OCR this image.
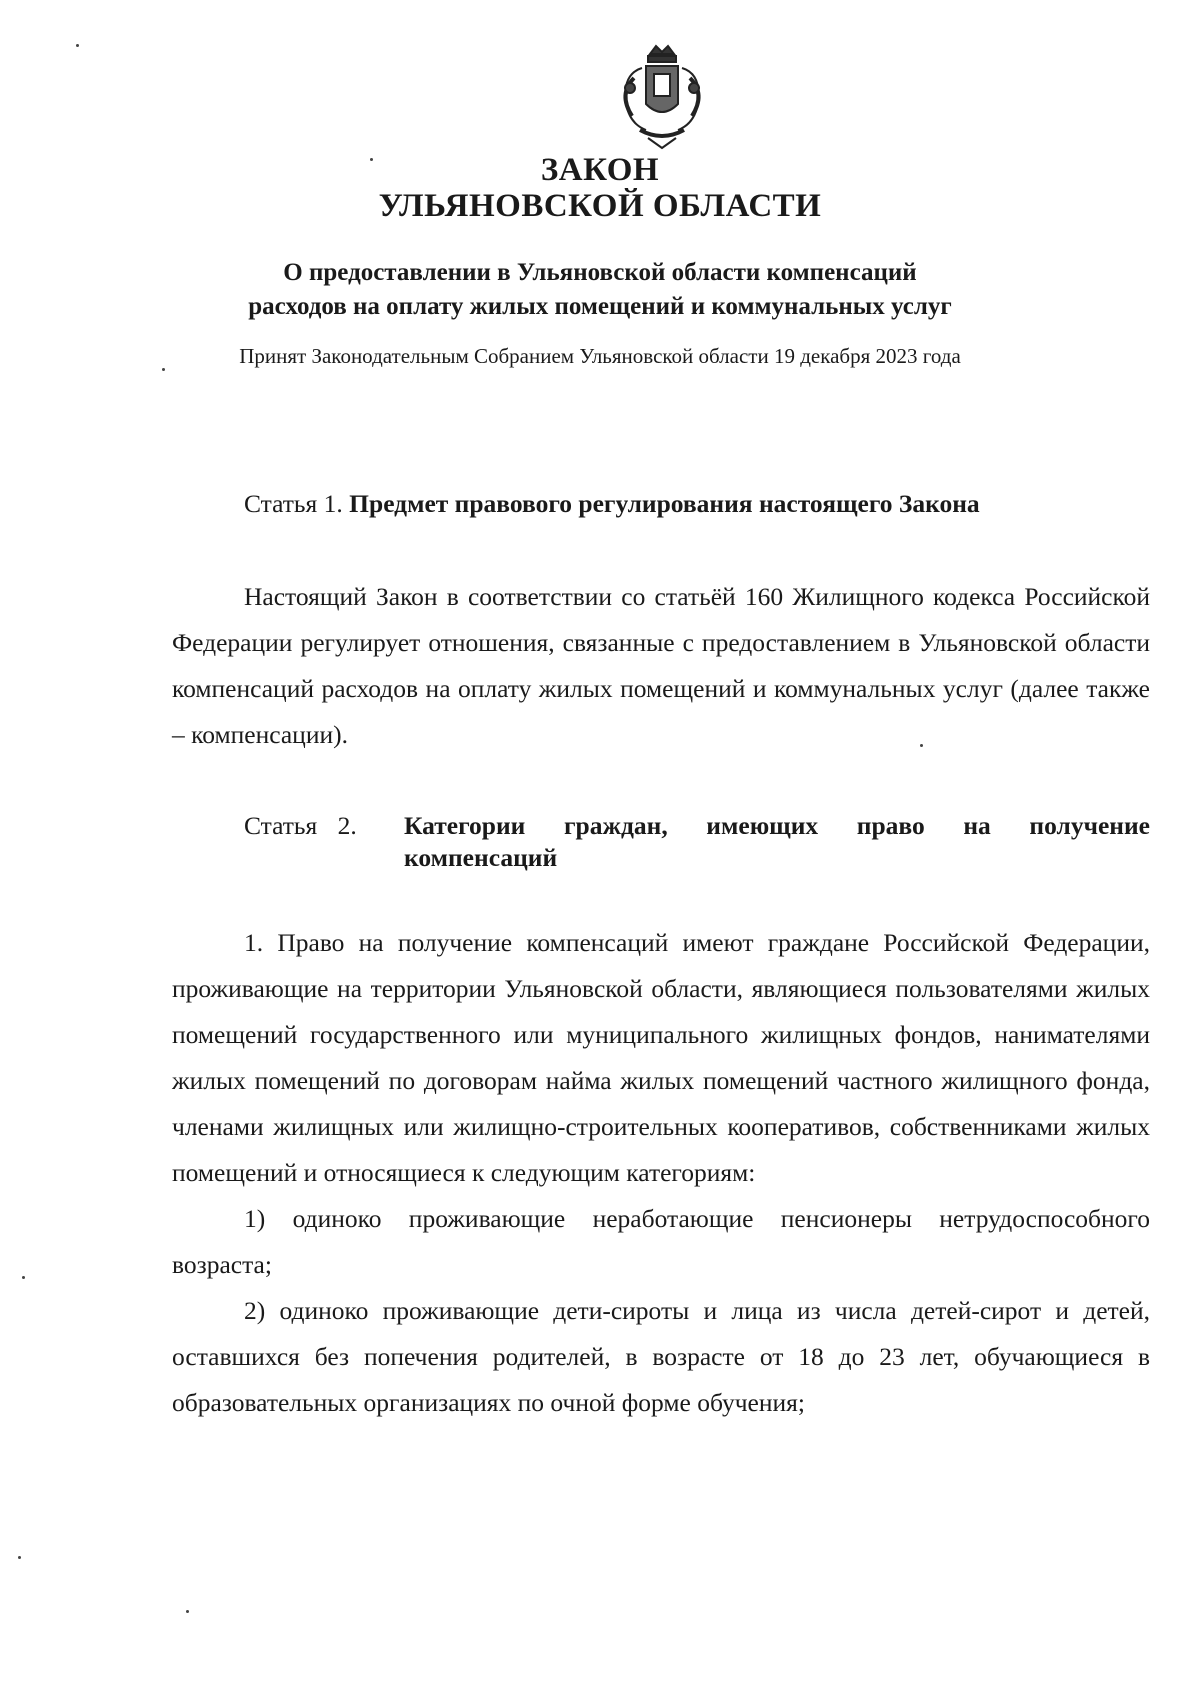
ЗАКОН
УЛЬЯНОВСКОЙ ОБЛАСТИ
О предоставлении в Ульяновской области компенсаций
расходов на оплату жилых помещений и коммунальных услуг
Принят Законодательным Собранием Ульяновской области 19 декабря 2023 года
Статья 1. Предмет правового регулирования настоящего Закона

Настоящий Закон в соответствии со статьёй 160 Жилищного кодекса Российской Федерации регулирует отношения, связанные с предоставлением в Ульяновской области компенсаций расходов на оплату жилых помещений и коммунальных услуг (далее также – компенсации).

Статья 2.	Категории граждан, имеющих право на получение
компенсаций

1. Право на получение компенсаций имеют граждане Российской Федерации, проживающие на территории Ульяновской области, являющиеся пользователями жилых помещений государственного или муниципального жилищных фондов, нанимателями жилых помещений по договорам найма жилых помещений частного жилищного фонда, членами жилищных или жилищно-строительных кооперативов, собственниками жилых помещений и относящиеся к следующим категориям:

1) одиноко проживающие неработающие пенсионеры нетрудоспособного возраста;

2) одиноко проживающие дети-сироты и лица из числа детей-сирот и детей, оставшихся без попечения родителей, в возрасте от 18 до 23 лет, обучающиеся в образовательных организациях по очной форме обучения;
